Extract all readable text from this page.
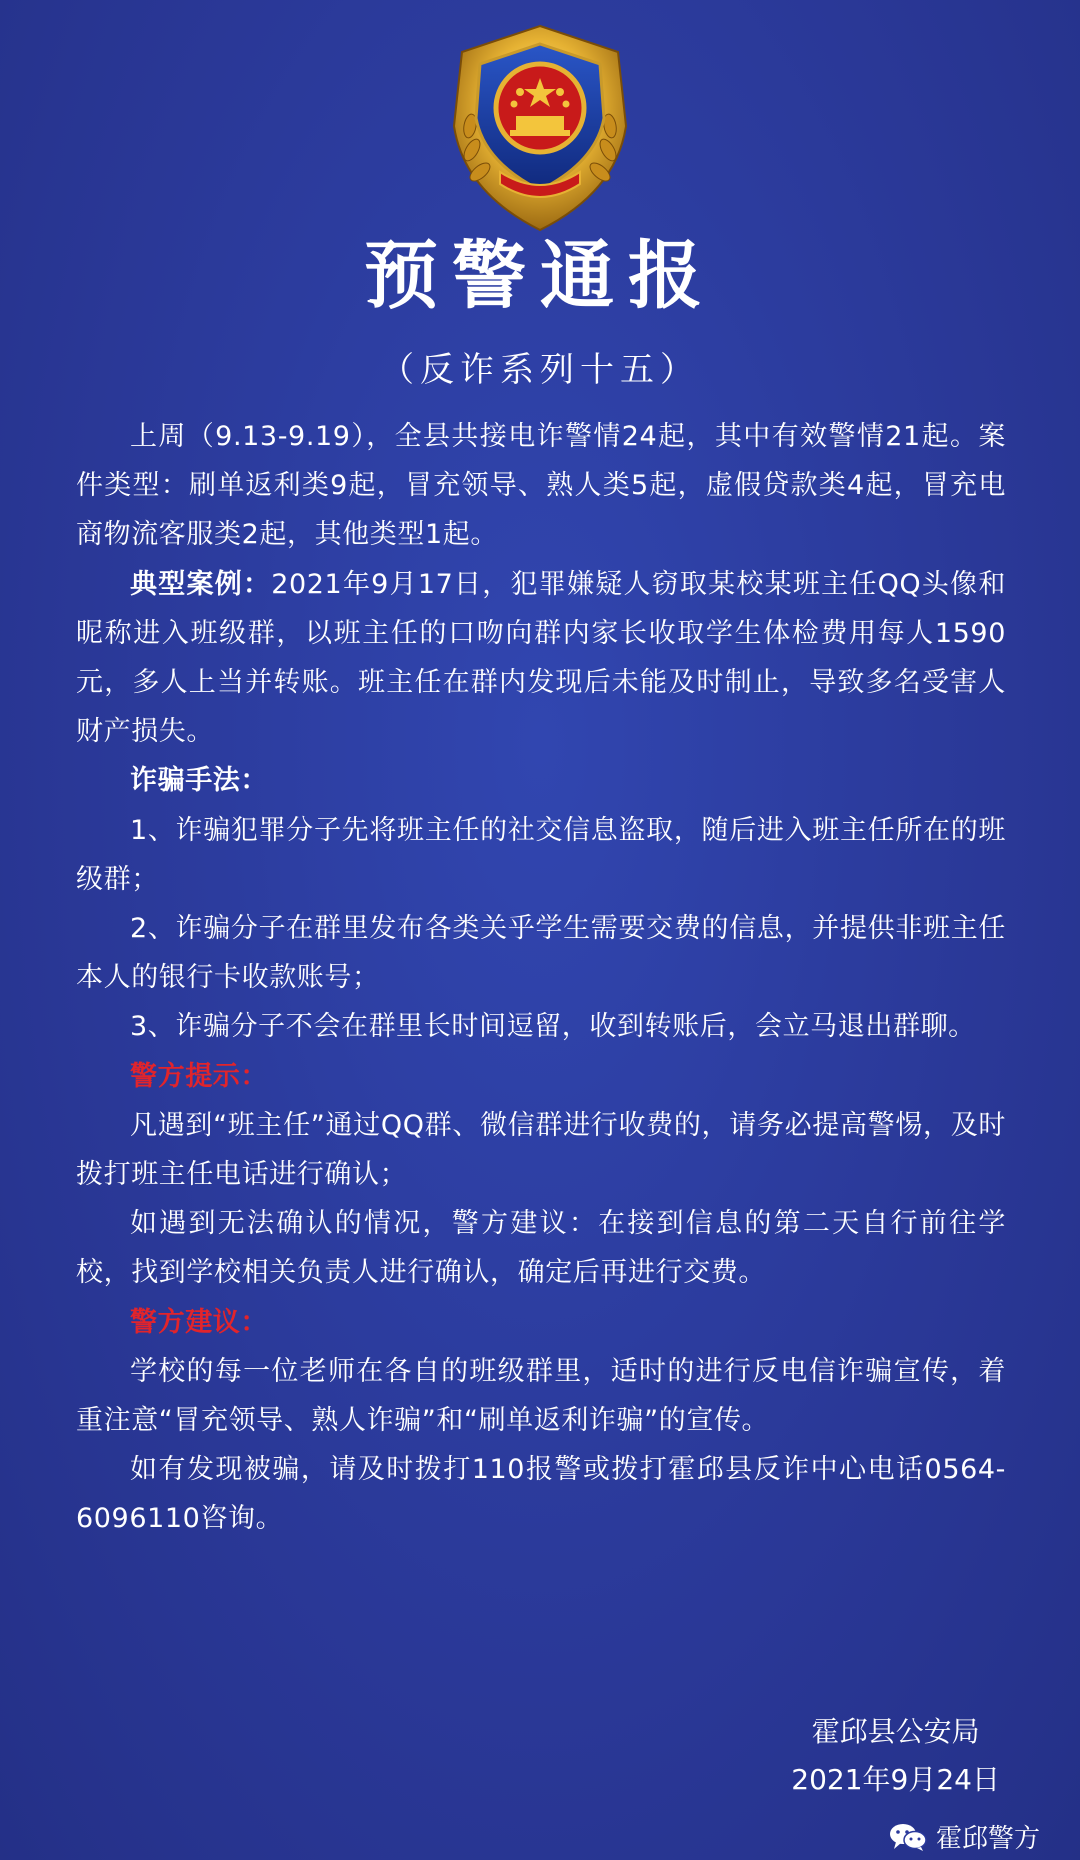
预警通报
（反诈系列十五）

上周（9.13-9.19），全县共接电诈警情24起，其中有效警情21起。案件类型：刷单返利类9起，冒充领导、熟人类5起，虚假贷款类4起，冒充电商物流客服类2起，其他类型1起。

典型案例：2021年9月17日，犯罪嫌疑人窃取某校某班主任QQ头像和昵称进入班级群，以班主任的口吻向群内家长收取学生体检费用每人1590元，多人上当并转账。班主任在群内发现后未能及时制止，导致多名受害人财产损失。

诈骗手法：

1、诈骗犯罪分子先将班主任的社交信息盗取，随后进入班主任所在的班级群；

2、诈骗分子在群里发布各类关乎学生需要交费的信息，并提供非班主任本人的银行卡收款账号；

3、诈骗分子不会在群里长时间逗留，收到转账后，会立马退出群聊。

警方提示：

凡遇到“班主任”通过QQ群、微信群进行收费的，请务必提高警惕，及时拨打班主任电话进行确认；

如遇到无法确认的情况，警方建议：在接到信息的第二天自行前往学校，找到学校相关负责人进行确认，确定后再进行交费。

警方建议：

学校的每一位老师在各自的班级群里，适时的进行反电信诈骗宣传，着重注意“冒充领导、熟人诈骗”和“刷单返利诈骗”的宣传。

如有发现被骗，请及时拨打110报警或拨打霍邱县反诈中心电话0564-6096110咨询。

霍邱县公安局
2021年9月24日
霍邱警方
